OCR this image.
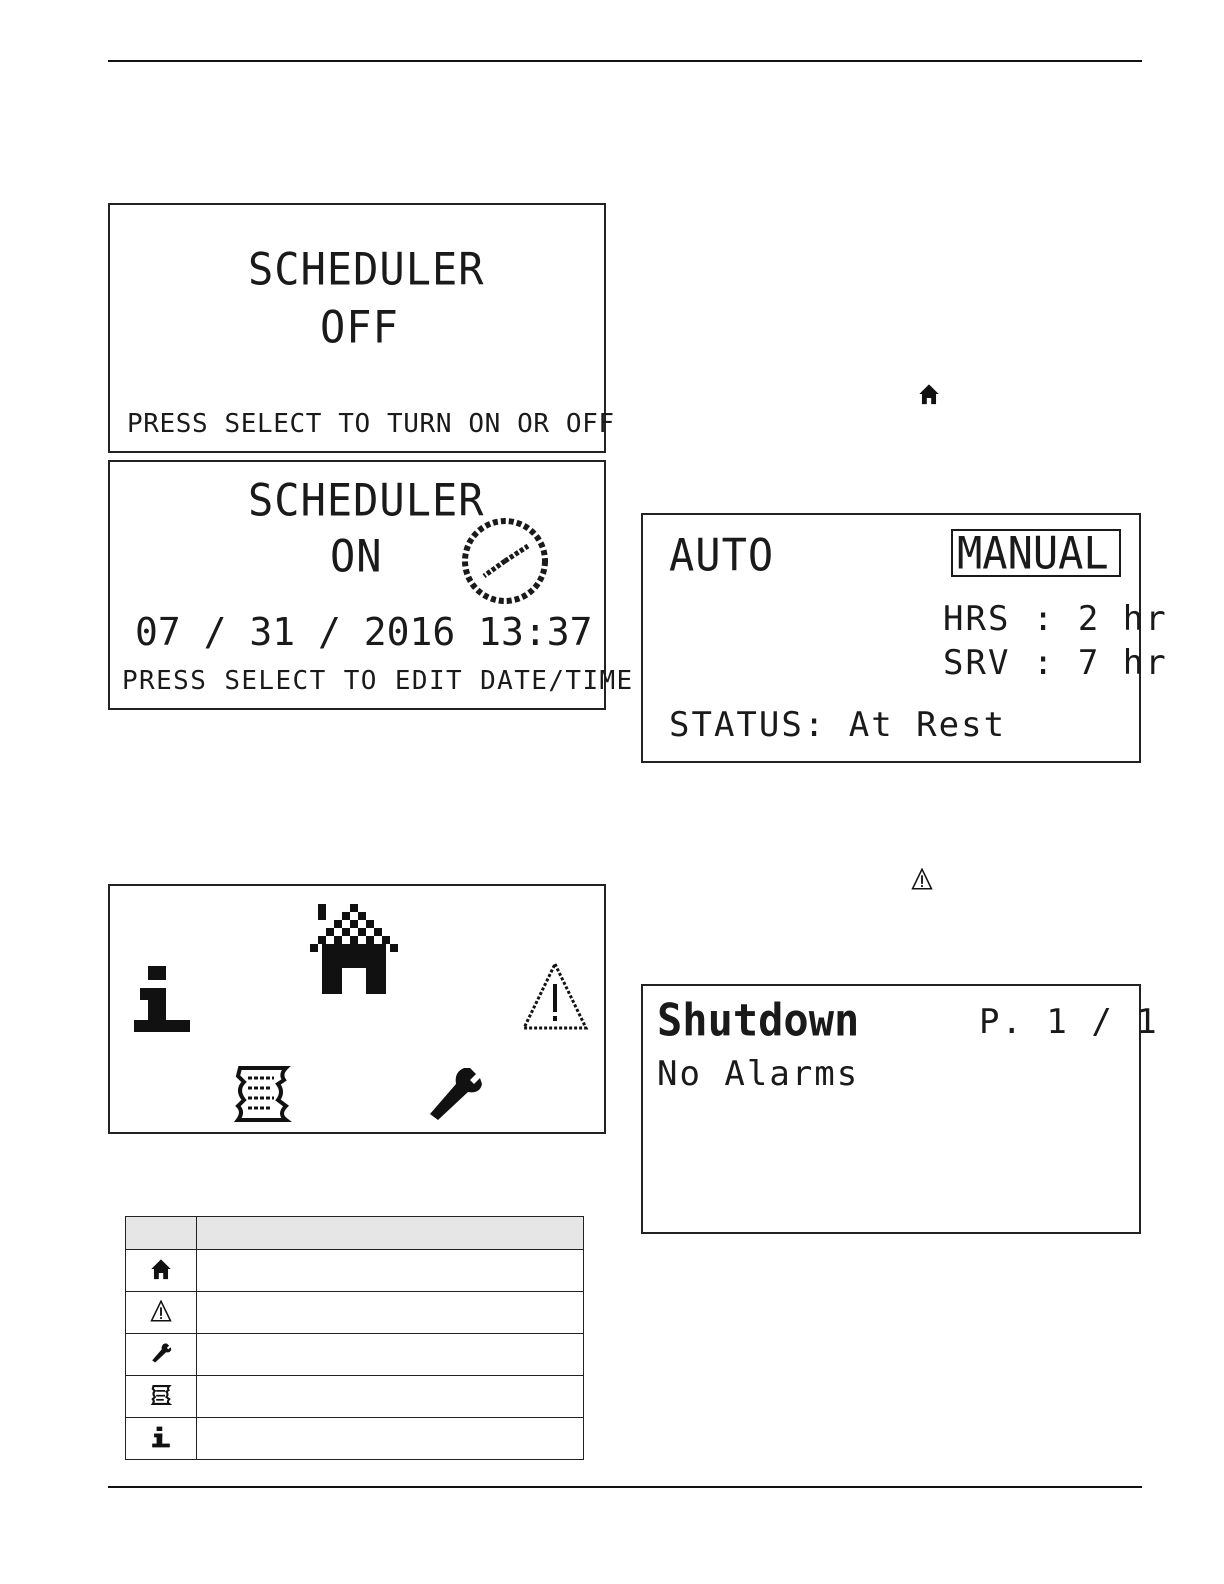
SCHEDULER
OFF
PRESS SELECT TO TURN ON OR OFF
SCHEDULER
ON
07 / 31 / 2016 13:37
PRESS SELECT TO EDIT DATE/TIME

AUTO	MANUAL
HRS : 2 hr
SRV : 7 hr
STATUS: At Rest
Shutdown	P. 1 / 1
No Alarms
